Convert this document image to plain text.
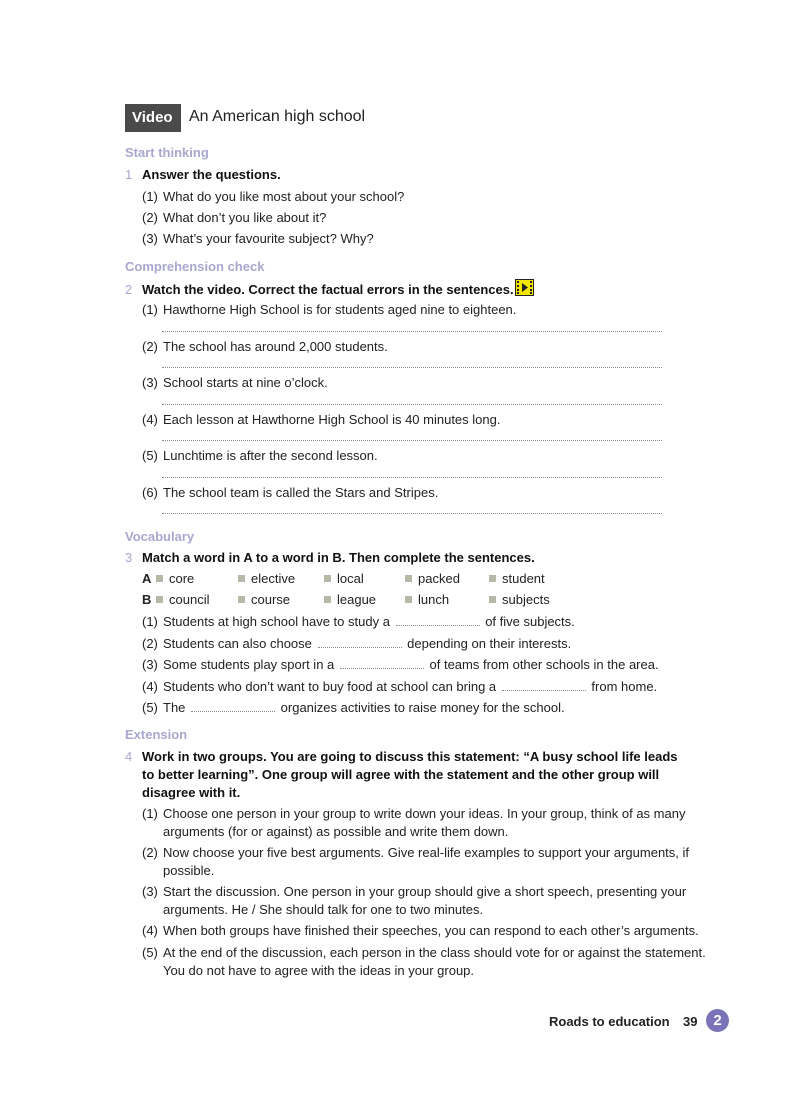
Video	An American high school
Start thinking
1 Answer the questions.
(1) What do you like most about your school?
(2) What don’t you like about it?
(3) What’s your favourite subject? Why?
Comprehension check
2 Watch the video. Correct the factual errors in the sentences.
(1) Hawthorne High School is for students aged nine to eighteen.
(2) The school has around 2,000 students.
(3) School starts at nine o’clock.
(4) Each lesson at Hawthorne High School is 40 minutes long.
(5) Lunchtime is after the second lesson.
(6) The school team is called the Stars and Stripes.
Vocabulary
3 Match a word in A to a word in B. Then complete the sentences.
A	core	elective	local	packed	student
B	council	course	league	lunch	subjects
(1) Students at high school have to study a	of five subjects.
(2) Students can also choose	depending on their interests.
(3) Some students play sport in a	of teams from other schools in the area.
(4) Students who don’t want to buy food at school can bring a	from home.
(5) The	organizes activities to raise money for the school.
Extension
4 Work in two groups. You are going to discuss this statement: “A busy school life leads to better learning”. One group will agree with the statement and the other group will disagree with it.
(1) Choose one person in your group to write down your ideas. In your group, think of as many arguments (for or against) as possible and write them down.
(2) Now choose your five best arguments. Give real-life examples to support your arguments, if possible.
(3) Start the discussion. One person in your group should give a short speech, presenting your arguments. He / She should talk for one to two minutes.
(4) When both groups have finished their speeches, you can respond to each other’s arguments.
(5) At the end of the discussion, each person in the class should vote for or against the statement. You do not have to agree with the ideas in your group.
Roads to education 39	2
